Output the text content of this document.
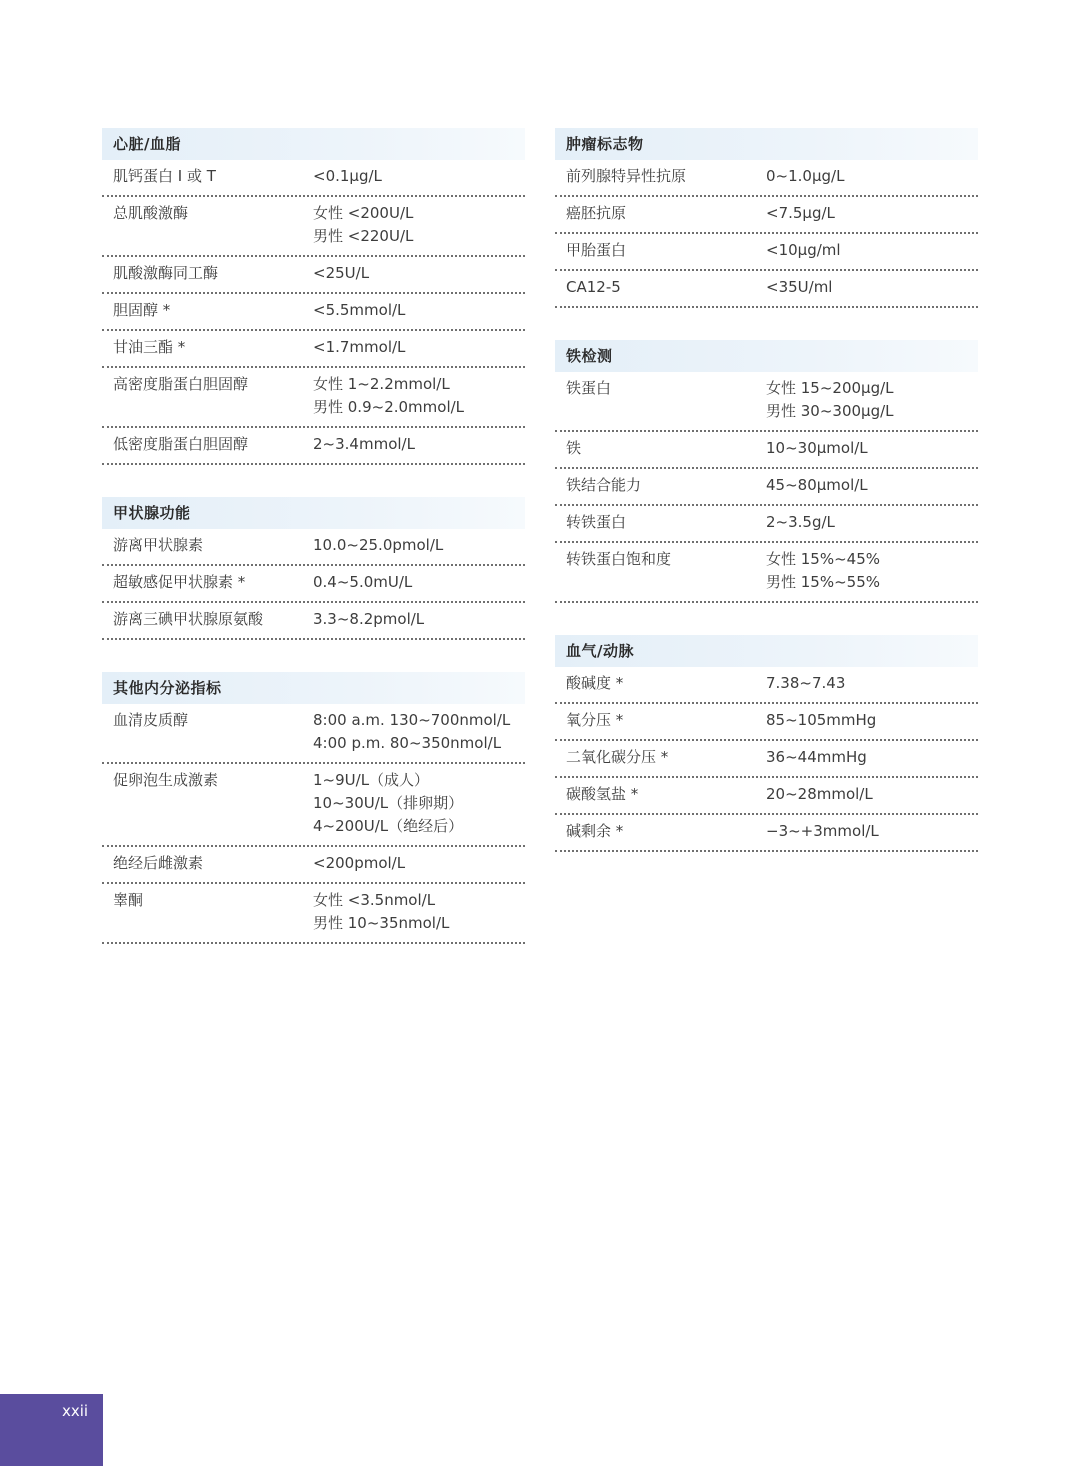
心脏/血脂
肌钙蛋白 I 或 T	<0.1μg/L
总肌酸激酶	女性 <200U/L
男性 <220U/L
肌酸激酶同工酶	<25U/L
胆固醇 *	<5.5mmol/L
甘油三酯 *	<1.7mmol/L
高密度脂蛋白胆固醇	女性 1~2.2mmol/L
男性 0.9~2.0mmol/L
低密度脂蛋白胆固醇	2~3.4mmol/L
甲状腺功能
游离甲状腺素	10.0~25.0pmol/L
超敏感促甲状腺素 *	0.4~5.0mU/L
游离三碘甲状腺原氨酸	3.3~8.2pmol/L
其他内分泌指标
血清皮质醇	8:00 a.m. 130~700nmol/L
4:00 p.m. 80~350nmol/L
促卵泡生成激素	1~9U/L（成人）
10~30U/L（排卵期）
4~200U/L（绝经后）
绝经后雌激素	<200pmol/L
睾酮	女性 <3.5nmol/L
男性 10~35nmol/L
肿瘤标志物
前列腺特异性抗原	0~1.0μg/L
癌胚抗原	<7.5μg/L
甲胎蛋白	<10μg/ml
CA12-5	<35U/ml
铁检测
铁蛋白	女性 15~200μg/L
男性 30~300μg/L
铁	10~30μmol/L
铁结合能力	45~80μmol/L
转铁蛋白	2~3.5g/L
转铁蛋白饱和度	女性 15%~45%
男性 15%~55%
血气/动脉
酸碱度 *	7.38~7.43
氧分压 *	85~105mmHg
二氧化碳分压 *	36~44mmHg
碳酸氢盐 *	20~28mmol/L
碱剩余 *	−3~+3mmol/L
xxii
